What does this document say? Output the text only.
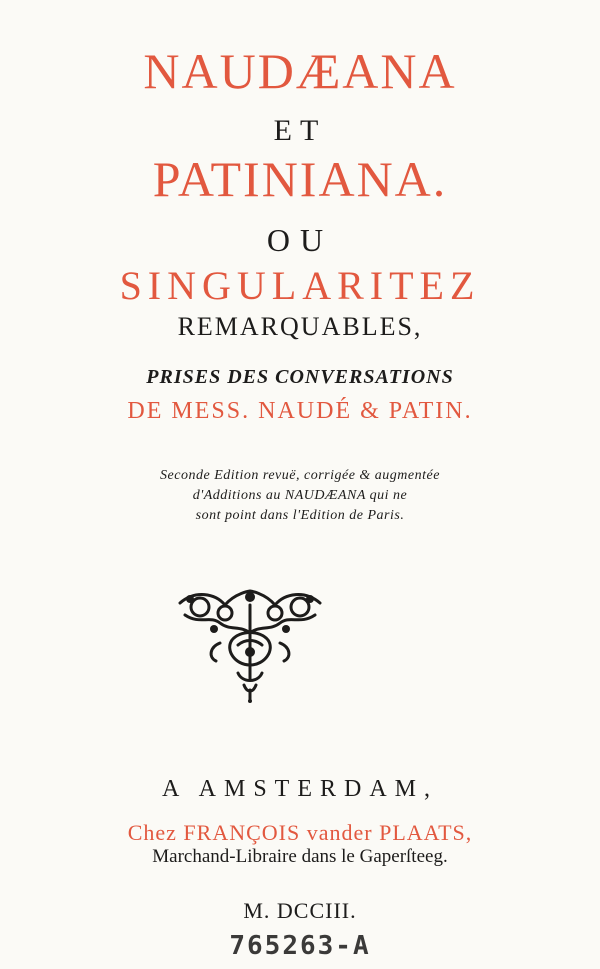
NAUDÆANA
ET
PATINIANA.
OU
SINGULARITEZ
REMARQUABLES,
PRISES DES CONVERSATIONS
DE MESS. NAUDÉ & PATIN.
Seconde Edition revuë, corrigée & augmentée
d'Additions au NAUDÆANA qui ne
sont point dans l'Edition de Paris.
A AMSTERDAM,
Chez FRANÇOIS vander PLAATS,
Marchand-Libraire dans le Gaperſteeg.
M. DCCIII.
765263-A
